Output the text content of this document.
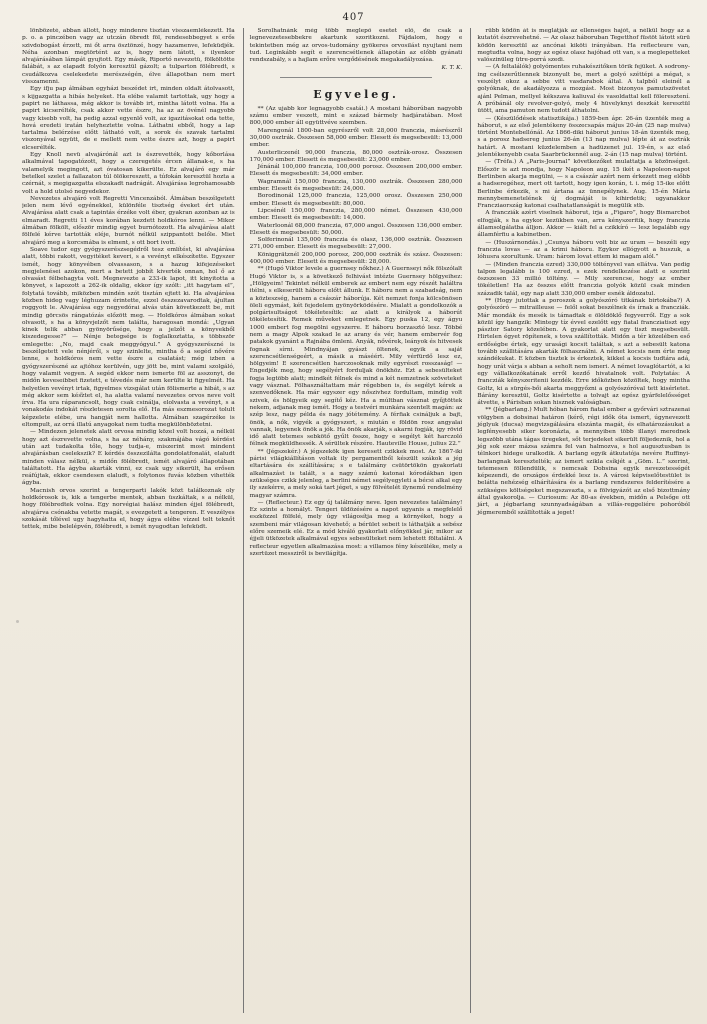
407

lönbözeté, abban állott, hogy mindenre tisztán visszaemlékezett. Ha p. o. a pinczében vagy az utczán öbredt föl, rendesebbegyet s erős szivdobogást érzett, mi őt arra ösztönzé, hogy hazamenve, lefeküdjék. Néha azonban megtörtént az is, hogy nem látott, s ilyenkor alvajárásában lámpát gyujtott. Egy másik, Riportó nevezetü, fölköltötte falábát, s az elapadt folyón keresztül gázolt; a tulparton fölébredt, s csudálkozva cselekedete merészségén, élve állapotban nem mert visszamenni.

Egy ifju pap álmában egyházi beszédet irt, minden oldalt átolvasott, s kijgazgatta a hibás helyeket. Ha elébe valamit tartottak, ugy hogy a papirt ne láthassa, még akkor is tovább irt, mintha látott volna. Ha a papirt kicserélték, csak akkor vette észre, ha az az övénél nagyobb vagy kisebb volt, ha pedig azzal egyenlő volt, az igazitásokat oda tette, hová eredeti iratán helyheztette volna. Láthatni ebből, hogy a lap tartalma belérzése előtt látható volt, a sorok és szavak tartalmi viszonyával együtt, de e mellett nem vette észre azt, hogy a papirt elcserélték.

Egy Knoll nevü alvajárónál azt is észrevették, hogy kőborlása alkalmával tapogatózott, hogy a czeregetés ércen állanak-e, s ha valamelyik megingott, azt óvatosan kikerülte. Ez alvajáró egy már betelkel szelet a fallazaton túl ölökereszett, a túfokán keresztül hozta a czérnát, s megigazgatta elszakadt nadrágát. Alvajárása legrohamosabb volt a hold utolsó negyedekor.

Nevezetes alvajáró volt Regretti Vincenzából. Álmában beszélgetett jelen nem lévő egyénekkel, különféle tisztség éveket ért után. Alvajárása alatt csak a tapintás érzéke volt éber, gyakran azonban az is elmaradt. Regretti 11 éves korában kezdett holdkóros lenni. — Mikor álmában fölkölt, először mindig egyet burnótozott. Ha alvajárása alatt fölfelé kérve tartották eléje, burnót nélkül szippantott belőle. Miet alvajáró meg a korcsmába is elment, s ott bort ivott.

Soave tudor egy gyógyszerészsegédről tesz említést, ki alvajárása alatt, többi rakott, vegyitéket keveri, s a vevényt elkészítette. Egyszer ismét, hogy könyvében olvassason, s a hazug kifejezéseket megjelenései azokon, mert a betett jobbít kiverték onnan, hol ő az olvasást félbehagyta volt. Megnevezte a 233-ik lapot, itt kinyitotta a könyvet, s lapozott a 262-ik oldalig, ekkor így szólt: „itt hagytam el”, folytatá tovább, miközben mindén szót tisztán ejtett ki. Ha alvajárása közben hideg vagy léghuzam érintette, ezzel összezavarodtak, ájultan roggyott le. Alvajárása egy negyedórai alvás után következett be, mit mindig görcsös rángatózás előzött meg. — Holdkóros álmában sokat olvasott, s ha a könyvjelzőt nem találta, haragosan mondá: „Ugyan kinek telik abban gyönyörűsége, hogy a jelzőt a könyvekből kiszedegesse?” — Nénje betegsége is foglalkoztatta, s többször emlegette: „No, majd csak meggyógyul.” A gyógyszerészné is beszélgetett vele nénjéről, s ugy szinlelte, mintha ő a segéd nővére lenne, s holdkóros nem vette észre a csalatást; még izben a gyógyszerészné az ajtóhoz kerülvén, ugy jött be, mint valami szolgáló, hogy valamit vegyen. A segéd ekkor nem ismerte föl az asszonyt, de midőn keveseibbet fizetett, e tévedés már nem kerülte ki figyelmét. Ha helyetlen vevényt irtak, figyelmes vizsgálat után fölismerte a hibát, s az még akkor sem késztet el, ha alatta valamí nevezetes orvos neve volt írva. Ha ura ráparancsolt, hogy csak csinálja, elolvasta a vevényt, s a vonakodás indokát részletesen sorolta elő. Ha más eszmesorozat tolult képzelete elébe, ura hangját nem hallotta. Álmában szagérzéke is eltompult, az orrá illatú anyagokat nem tudta megkülönböztetni.

— Mindezen jelenetek alatt orvosa mindig közel volt hozzá, a nélkül hogy azt észrevette volna, s ha az néhány, szakmájába vágó kérdést után azt tudakolta tőle, hogy tudja-e, miszerint most mindent alvajárásban cselekszik? E kérdés összezilálta gondolatfonalát, elaludt minden válasz nélkül, s midőn fölébredt, ismét alvajáró állapotában találtatott. Ha ágyba akarták vinni, ez csak ugy sikerült, ha erősen reáfújtak, ekkor csendesen elaludt, s folytonos fuvás közben vihették ágyba.

Macnish orvos szerint a tengerparti lakók közt találkoznak oly holdkórosok is, kik a tengerbe mentek, abban üszkáltak, s a nélkül, hogy fölébredtek volna. Egy norvégiai halász minden éjjel fölébredt, alvajárva csónakba vetette magát, s evezgetett a tengeren. E veszélyes szokását tőlével ugy hagyhatta el, hogy ágya elébe vízzel telt teknőt tettek, mibe belelépvén, fölébredt, s ismét nyugodtan lefeküdt.

Sorolhatnánk még több meglepő esetet elő, de csak a legnevezetesebbekre akartunk szoritkozni. Fájdalom, hogy e tekintetben még az orvos-tudomány gyökeres orvosilást nyujtani nem tud. Leginkább segít e szerencsétlenek állapotán az előbb gyánati rendszabály, s a hajlam erőre vergődésének megakadályozása.

K. T. K.
Egyveleg.

** (Az ujabb kor legnagyobb csatái.) A mostani háborúban nagyobb számu ember veszett, mint e század bármely hadjáratában. Most 800,000 ember áll együttvéve szemben.

Marengonál 1800-ban egyrészről volt 28,000 franczia, másrészről 30,000 osztrák. Összesen 58,000 ember. Elesett és megsebesült: 13,000 ember.

Austerliczenél 90,000 franczia, 80,000 osztrák-orosz. Összesen 170,000 ember. Elesett és megsebesült: 23,000 ember.

Jénánál 100,000 franczia, 100,000 porosz. Összesen 200,000 ember. Elesett és megsebesült: 34,000 ember.

Wagramnál 150,000 franczia, 130,000 osztrák. Összesen 280,000 ember. Elesett és megsebesült: 24,000.

Borodinonál 125,000 franczia, 125,000 orosz. Összesen 250,000 ember. Elesett és megsebesült: 80,000.

Lipcsénél 150,000 franczia, 280,000 német. Összesen 430,000 ember. Elesett és megsebesült: 14,000.

Waterloonál 68,000 franczia, 67,000 angol. Összesen 136,000 ember. Elesett és megsebesült: 50,000.

Solferinonál 135,000 franczia és olasz, 136,000 osztrák. Összesen 271,000 ember. Elesett és megsebesült: 27,000.

Königgrätznél 200,000 porosz, 200,000 osztrák és szász. Összesen: 400,000 ember. Elesett és megsebesült: 28,000.

** (Hugó Viktor levele a guernsey nőkhez.) A Guernseyi nők fölszólalt Hugó Viktor is, s a következő felhivást intézte Guernsey hölgyeihez: „Hölgyeim! Tekintet nélkül emberek az embert nem egy részét haláltra itélni, s elkeserült háboru előtt állunk. E háboru nem a szabadság, nem a közteszség, hanem a császár háborúja. Két nemzet fonja kölcsönösen öleli egymást, két fejedelem gyönyörködésére. Mialatt a gondolkozók a polgárisultságot tökéletesítik: az alatt a királyok a háborút tökéletesítik. Remek műveket emlegetnek. Egy puska 12, egy ágyu 1000 embert fog megölni egyszerre. E háboru borzasztó lesz. Többé nem a magy Alpok szakad le az arany és vér, hanem embervér fog patakok gyanánt a Rajnába ömleni. Anyák, nővérek, leányok és hitvesek fognak sírni. Mindnyájan gyászt öltenek, egyik a saját szerencsétlenségeért, a másik a máséért. Mily vérfürdő lesz ez, hölgyeim! E szerencsétlen harczosoknak mily egyrészt rosszaság! — Engedjék meg, hogy segélyért forduljak önökhöz. Ezt a sebesülteket fogja legtöbb alatt; mindkét félnek és mind a két nemzetnek szöveteket vagy vásznat. Fölhasználtattam már régebben is, és segélyt kérek a szenvedőknek. Ha már egyszer egy nőszivhez fordultam, mindig volt szivek, és hölgyeik egy segítő kéz. Ha a múltban vásznat gyűjtöttek nekem, adjanak meg ismét. Hogy a testvéri munkára szentelt magán: az szép lesz, nagy példa és nagy jótétemény. A férfiak csináljuk a bajt, önök, a nők, vigyék a gyógyszert, s miután e földön rosz angyalai vannak, legyenek önök a jók. Ha önök akarják, s akarni fogják, igy rövid idő alatt tetemes sebkötő gyűlt össze, hogy e segélyt két harczoló félnek megküldhessék. A sérültek részére. Hauteville House, julius 22.”

** (Jégszekér.) A jégszekök igen keresett czikkek most. Az 1867-iki párisi világkiállításon voltak ily pergamentből készült szákok a jég eltartására és szállítására; s e találmány csütörtökön gyakorlati alkalmazást is talált, s a nagy számú katonai kórodákban igen szükséges czikk jelenleg, a berlini német segélyegyleti a bécsi alkal egy ily szekérre, a mely soká tart jéget, s ugy fölvételét ilynemű rendelmény magyar számra.

— (Reflecteur.) Ez egy új találmány neve. Igen nevezetes találmány! Ez szinte a homályt. Tengeri üldözésére a napot ugyanis a megfelelő eszközzel fölfelé, mely úgy világosítja meg a környéket, hogy a szembeni már világosan kivehető; a bérület sebeit is láthatják a sebész előre szemeik elé. Ez a mód kiváló gyakorlati előnyökkel jár, mikor az éjjeli ütközetek alkalmával egyes sebesülteket nem lehetett föltalálni. A reflecteur egyetlen alkalmazása most: a villamos fény készüléke, mely a szertüzet messziről is bevilágítja.

rübb ködön át is meglátják az ellenséges hajót, a nélkül hogy az a kutatót észrevehetné. — Az olasz háboruban Tegetthof füstöt látott sürü ködön keresztül az ancónai kiköti irányában. Ha reflecteure van, megtudta volna, hogy az egész olasz hajóhad ott van, s a meglepetteket valószinüleg ütre-porrá szedi.

— (A feltalálók) golyómentes ruhakészitőken törik fejüket. A sodrony-ing csélszerűtlennek bizonyult be, mert a golyó széttépi a mégat, s veszélyt okoz a sebbe vitt vasdarabok által. A talpból eleinél a golyóknak, de akadályozza a mozgást. Most bizonyos pamutszövetet ajánl Pelman, mellyel kékszava kaliuval és vasoldattal kell föleresztení. A próbánál oly revolver-golyó, mely 4 hüvelyknyi deszkát keresztül ütött, ama pamuton nem tudott áthatolni.

— (Készülődések statisztikája.) 1859-ben ápr. 26-án üzenték meg a háborut, s az első jelentékeny összecsapás május 20-án (25 nap mulva) történt Montebellónál. Az 1866-diki háborut junius 18-án üzenték meg, s a porosz hadsereg junius 26-án (13 nap mulva) lépte át az osztrák határt. A mostani küzdelemben a hadüzenet jul. 19-én, s az első jelentékenyebb csata Saarbrückennél aug. 2-án (15 nap mulva) történt.

— (Tréfa.) A „Paris-Journal” következőket mulattatja a közönséget. Először is azt mondja, hogy Napoleon aug. 15 ikét a Napoleon-napot Berlinben akarja megülni, — s a császár azért nem érkezett meg előbb a hadseregéhez, mert ott tartott, hogy igen korán, t. i. még 15-ike előtt Berlinbe érkezik, s mi ártana az ünnepélynek. Aug. 15-én Mária mennybemenetelének új dogmáját is kihirdetik; ugyanakkor Francziaország katonai csalhatatlanságát is megülik stb.

A francziák azért viselnek háborut, irja a „Figaro”, hogy Bismarcbot elfogják, s ha egykor kezükben van, arra kényszeritik, hogy franczia államsolgálatba álljon. Akkor — kiált fel a czikkíró — lesz legalább egy államférfiu a kabinetben.

— (Huszárnondás.) „Csunya háboru volt biz az uram — beszéli egy franczia lovas — az a krimi háboru. Egykor ellógyott a huszuk, a lóhusra szorultunk. Uram: három lovat ettem ki magam alól.”

— (Minden franczia ezred) 330,000 töltényvel van ellátva. Van pedig talpon legalább is 100 ezred, s ezek rendelkezése alatt e szerint öszszesen 33 millió töltény. — Mily szerencse, hogy az ember tökéletlen! Ha az összes előtt franczia golyók közül csak minden századik talál, egy nap alatt 330,000 ember esnék áldozatul.

** (Hogy jutottak a poroszok a golyószóró titkának birtokába?) A golyószóró — mitrailleuse — felől sokat beszélnek és írnak a francziák. Már mondák és mesék is támadtak e ölöldöklő fegyverről. Egy a sok közül így hangzik: Mintegy tíz évvel ezelőtt egy fiatal francziatiszt egy pásztor Satory közelében. A gyakorlat alatt egy tiszt megsebesült. Hirtelen égyet röpítenek, s tova szállították. Midőn a tér közelében eső erdőségbe értek, egy urasági kocsit találtak, s azt a sebesült katona tovább szállitására akarták fölhasználni. A német kocsis nem érte meg szándékukat. E közben tisztek is érkeztek, kikkel a kocsis tudtára adá, hogy urát várja s abban a seholt nem ismeri. A német lovaglótartót, a ki egy vállalkozókatának erről kezdő hivatalnok volt. Folytatás: A francziák kényszeritenii kezdék. Erre időközben közöltek, hogy mintha Goltz, ki a sürgés-bői akarta meggyőzni a golyószóróval tett kisérletet. Bárány keresztül, Goltz kisértette a tolvajt az egész gyárfelelősséget átvette, s Párisban sokan hisznek valóságban.

** (Jégbarlang.) Mult hóban három fiatal ember a győrvári sztrazenai völgyben a dobsinai határon (kérő, régi idők óta ismert, úgynevezett jéglyuk (ducsa) megvizsgálására elszánta magát, és elhatározásukat a legfényesebb siker koronázta, a mennyiben több illanyi merednek legszöbb utána tágas üregeket, sőt terjedeket sikerült följedeznik, hol a jég sok ezer mázsa számra fel van halmozva, s hol augusztusban is télnkori hidege uralkodik. A barlang egyik átkutatója nevére Ruffinyi-barlangnak keresztelték; az ismert szikla csíkjét a „Göm. L.” szerint, tetemesen föllendülik, s nemcsak Dobsina egyik nevezetességét képezendi, de országos érdekké lesz is. A városi képviselőtestület is belátta nehézség elhárítására és a barlang rendszeres felderítésére a szükséges költségeket megszavazta, s a fölvigyázót az első bizottmány által gyakorolja. — Curiosum: Az 80-as években, midőn a Pelsőge ott járt, a jégbarlang szunnyadságában a villás-reggeliére pohoróból jégmeremből szállították a jeget!
